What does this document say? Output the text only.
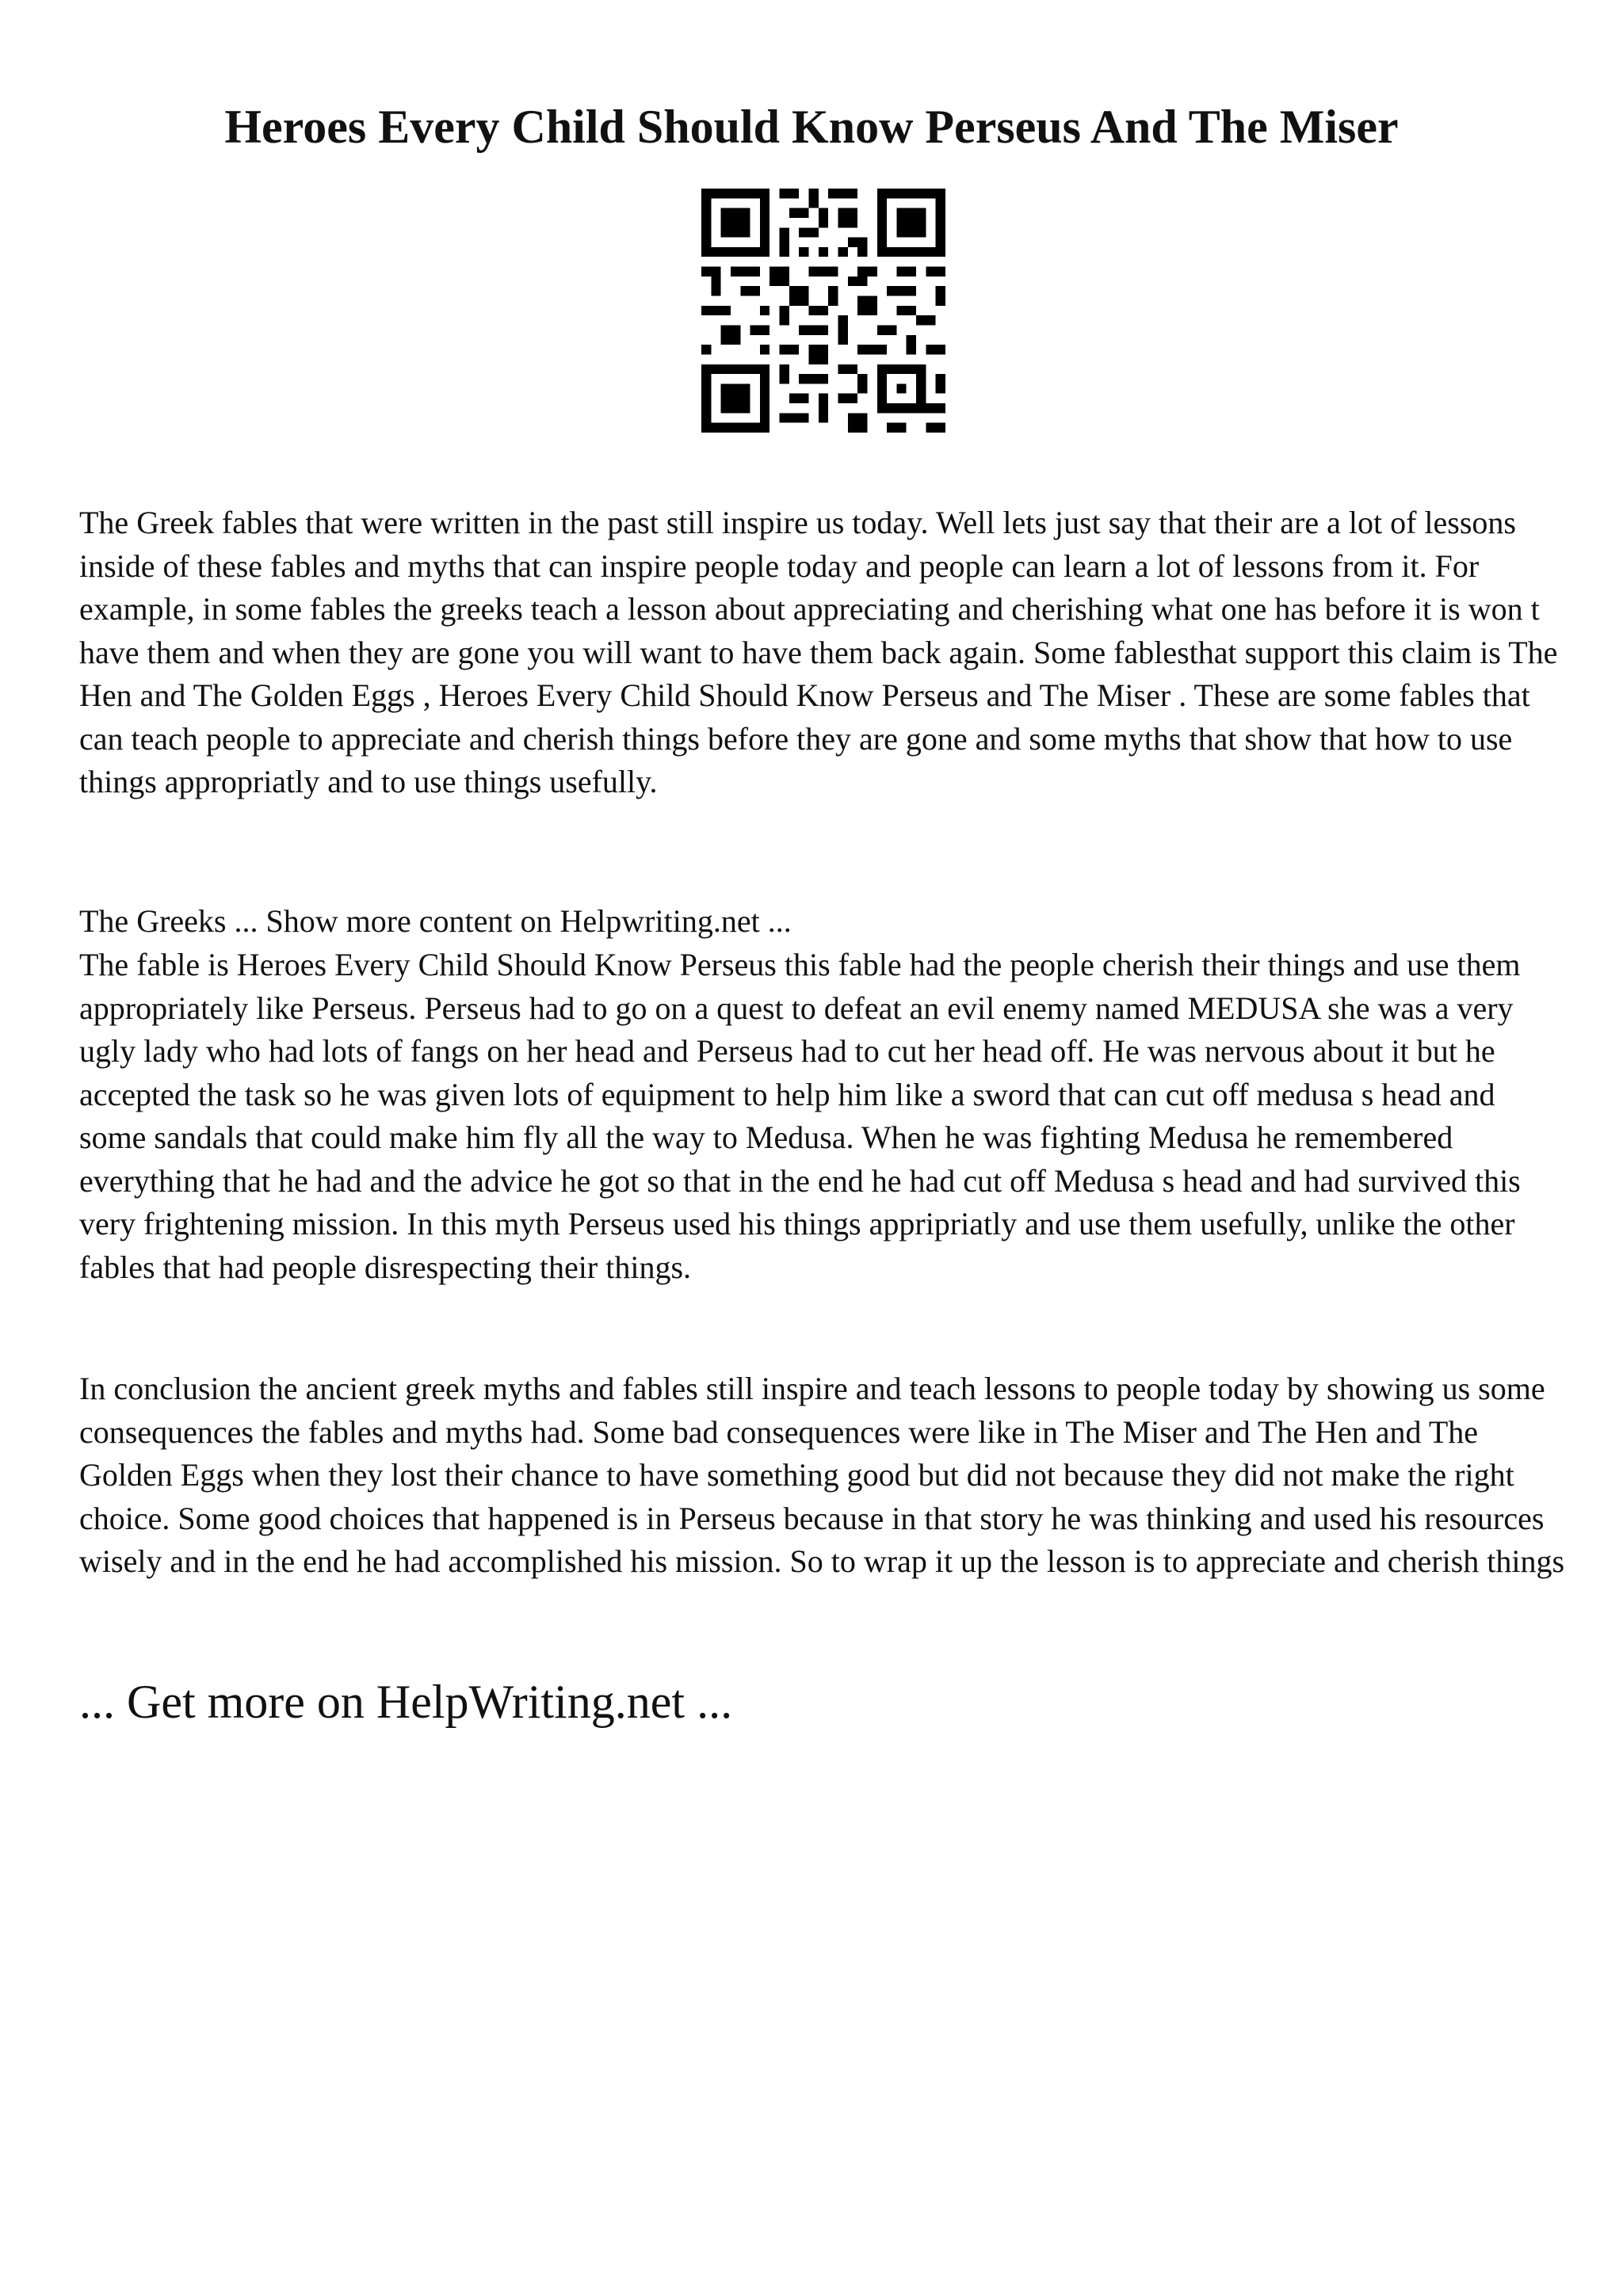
Heroes Every Child Should Know Perseus And The Miser

The Greek fables that were written in the past still inspire us today. Well lets just say that their are a lot of lessons inside of these fables and myths that can inspire people today and people can learn a lot of lessons from it. For example, in some fables the greeks teach a lesson about appreciating and cherishing what one has before it is won t have them and when they are gone you will want to have them back again. Some fablesthat support this claim is The Hen and The Golden Eggs , Heroes Every Child Should Know Perseus and The Miser . These are some fables that can teach people to appreciate and cherish things before they are gone and some myths that show that how to use things appropriatly and to use things usefully.

The Greeks ... Show more content on Helpwriting.net ...

The fable is Heroes Every Child Should Know Perseus this fable had the people cherish their things and use them appropriately like Perseus. Perseus had to go on a quest to defeat an evil enemy named MEDUSA she was a very ugly lady who had lots of fangs on her head and Perseus had to cut her head off. He was nervous about it but he accepted the task so he was given lots of equipment to help him like a sword that can cut off medusa s head and some sandals that could make him fly all the way to Medusa. When he was fighting Medusa he remembered everything that he had and the advice he got so that in the end he had cut off Medusa s head and had survived this very frightening mission. In this myth Perseus used his things appripriatly and use them usefully, unlike the other fables that had people disrespecting their things.

In conclusion the ancient greek myths and fables still inspire and teach lessons to people today by showing us some consequences the fables and myths had. Some bad consequences were like in The Miser and The Hen and The Golden Eggs when they lost their chance to have something good but did not because they did not make the right choice. Some good choices that happened is in Perseus because in that story he was thinking and used his resources wisely and in the end he had accomplished his mission. So to wrap it up the lesson is to appreciate and cherish things

... Get more on HelpWriting.net ...
